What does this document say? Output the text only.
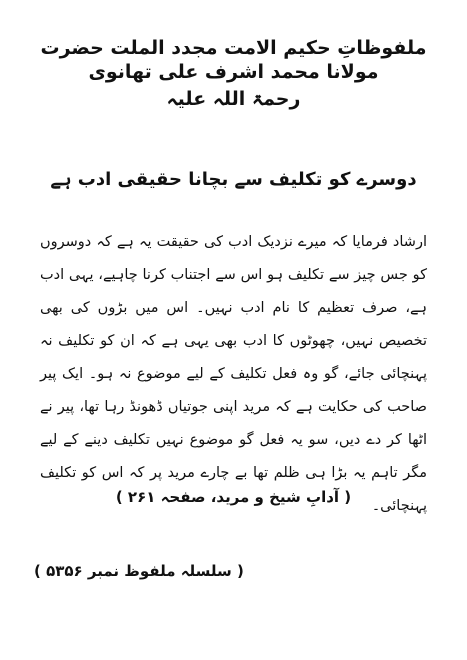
ملفوظاتِ حکیم الامت مجدد الملت حضرت مولانا محمد اشرف علی تھانوی
رحمۃ اللہ علیہ
دوسرے کو تکلیف سے بچانا حقیقی ادب ہے
ارشاد فرمایا کہ میرے نزدیک ادب کی حقیقت یہ ہے کہ دوسروں کو جس چیز سے تکلیف ہو اس سے اجتناب کرنا چاہیے، یہی ادب ہے، صرف تعظیم کا نام ادب نہیں۔ اس میں بڑوں کی بھی تخصیص نہیں، چھوٹوں کا ادب بھی یہی ہے کہ ان کو تکلیف نہ پہنچائی جائے، گو وہ فعل تکلیف کے لیے موضوع نہ ہو۔ ایک پیر صاحب کی حکایت ہے کہ مرید اپنی جوتیاں ڈھونڈ رہا تھا، پیر نے اٹھا کر دے دیں، سو یہ فعل گو موضوع نہیں تکلیف دینے کے لیے مگر تاہم یہ بڑا ہی ظلم تھا بے چارے مرید پر کہ اس کو تکلیف پہنچائی۔
( آدابِ شیخ و مرید، صفحہ ۲۶۱ )
( سلسلہ ملفوظ نمبر ۵۳۵۶ )
